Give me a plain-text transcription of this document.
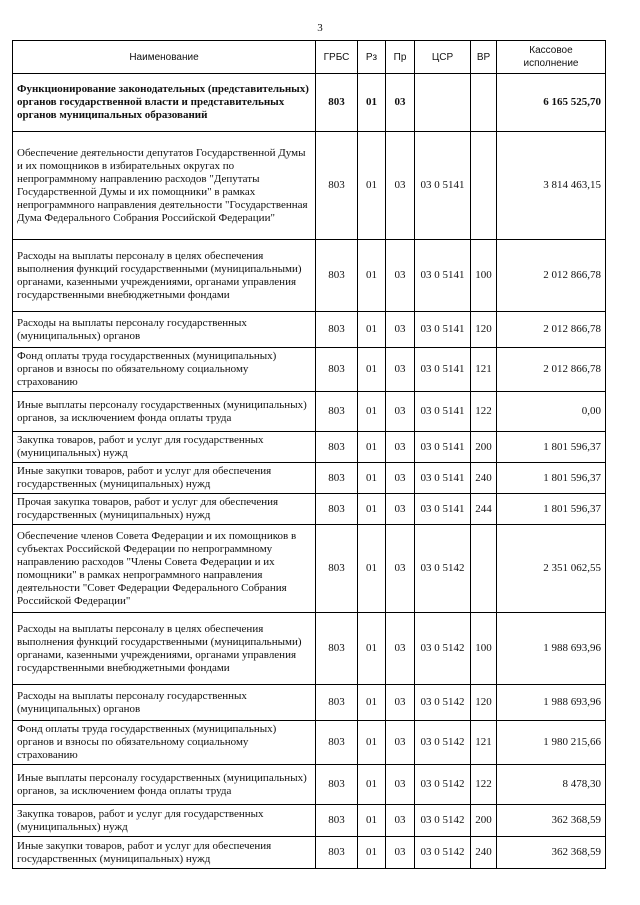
3
Наименование	ГРБС	Рз	Пр	ЦСР	ВР	Кассовое исполнение
Функционирование законодательных (представительных) органов государственной власти и представительных органов муниципальных образований	803	01	03			6 165 525,70
Обеспечение деятельности депутатов Государственной Думы и их помощников в избирательных округах по непрограммному направлению расходов "Депутаты Государственной Думы и их помощники" в рамках непрограммного направления деятельности "Государственная Дума Федерального Собрания Российской Федерации"	803	01	03	03 0 5141		3 814 463,15
Расходы на выплаты персоналу в целях обеспечения выполнения функций государственными (муниципальными) органами, казенными учреждениями, органами управления государственными внебюджетными фондами	803	01	03	03 0 5141	100	2 012 866,78
Расходы на выплаты персоналу государственных (муниципальных) органов	803	01	03	03 0 5141	120	2 012 866,78
Фонд оплаты труда государственных (муниципальных) органов и взносы по обязательному социальному страхованию	803	01	03	03 0 5141	121	2 012 866,78
Иные выплаты персоналу государственных (муниципальных) органов, за исключением фонда оплаты труда	803	01	03	03 0 5141	122	0,00
Закупка товаров, работ и услуг для государственных (муниципальных) нужд	803	01	03	03 0 5141	200	1 801 596,37
Иные закупки товаров, работ и услуг для обеспечения государственных (муниципальных) нужд	803	01	03	03 0 5141	240	1 801 596,37
Прочая закупка товаров, работ и услуг для обеспечения государственных (муниципальных) нужд	803	01	03	03 0 5141	244	1 801 596,37
Обеспечение членов Совета Федерации и их помощников в субъектах Российской Федерации по непрограммному направлению расходов "Члены Совета Федерации и их помощники" в рамках непрограммного направления деятельности "Совет Федерации Федерального Собрания Российской Федерации"	803	01	03	03 0 5142		2 351 062,55
Расходы на выплаты персоналу в целях обеспечения выполнения функций государственными (муниципальными) органами, казенными учреждениями, органами управления государственными внебюджетными фондами	803	01	03	03 0 5142	100	1 988 693,96
Расходы на выплаты персоналу государственных (муниципальных) органов	803	01	03	03 0 5142	120	1 988 693,96
Фонд оплаты труда государственных (муниципальных) органов и взносы по обязательному социальному страхованию	803	01	03	03 0 5142	121	1 980 215,66
Иные выплаты персоналу государственных (муниципальных) органов, за исключением фонда оплаты труда	803	01	03	03 0 5142	122	8 478,30
Закупка товаров, работ и услуг для государственных (муниципальных) нужд	803	01	03	03 0 5142	200	362 368,59
Иные закупки товаров, работ и услуг для обеспечения государственных (муниципальных) нужд	803	01	03	03 0 5142	240	362 368,59
